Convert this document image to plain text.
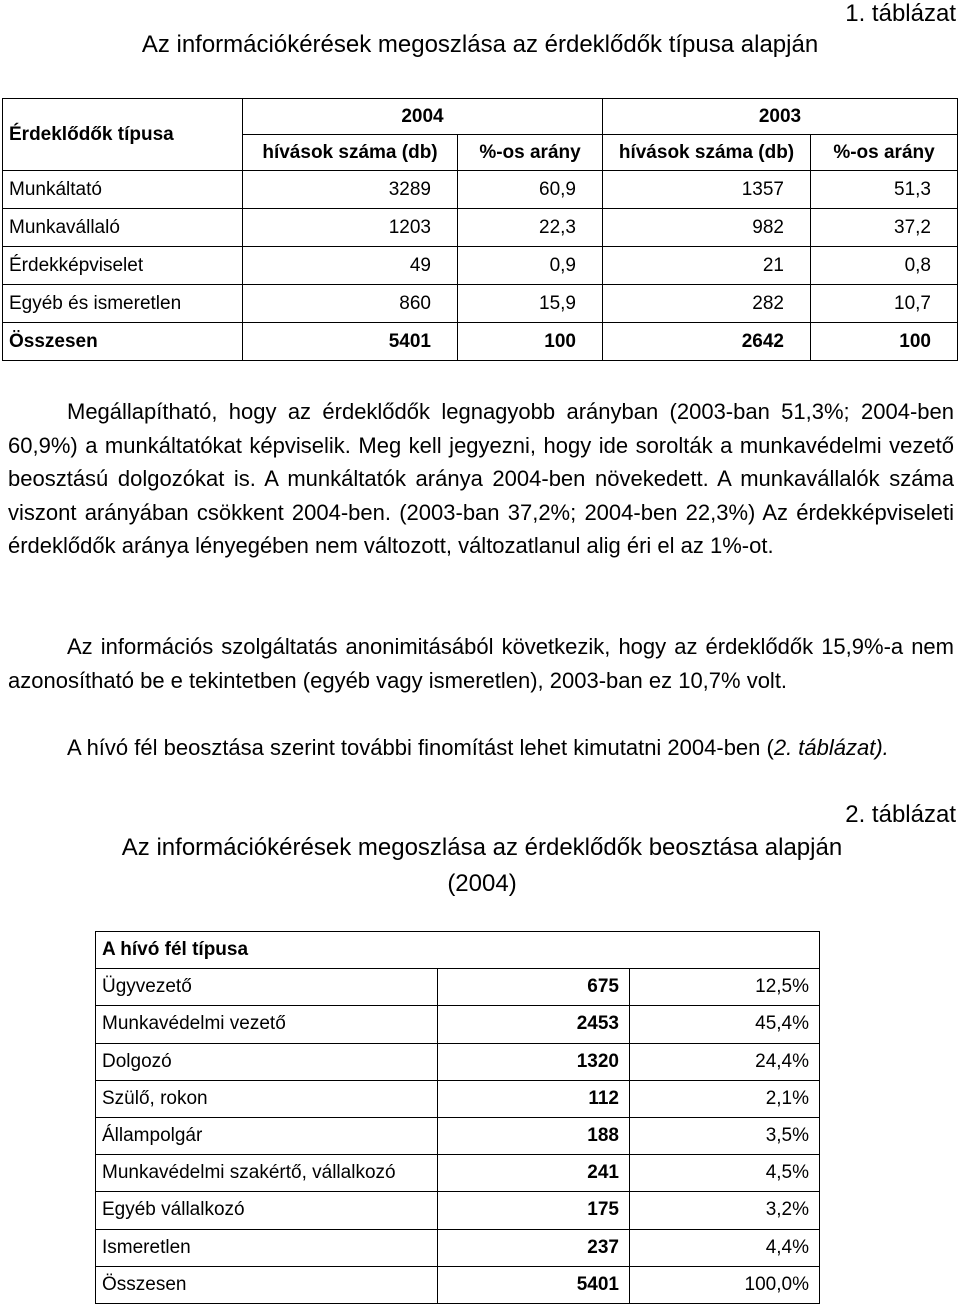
1. táblázat
Az információkérések megoszlása az érdeklődők típusa alapján
Érdeklődők típusa	2004		2003	
	hívások száma (db)	%-os arány	hívások száma (db)	%-os arány
Munkáltató	3289	60,9	1357	51,3
Munkavállaló	1203	22,3	982	37,2
Érdekképviselet	49	0,9	21	0,8
Egyéb és ismeretlen	860	15,9	282	10,7
Összesen	5401	100	2642	100
Megállapítható, hogy az érdeklődők legnagyobb arányban (2003-ban 51,3%; 2004-ben 60,9%) a munkáltatókat képviselik. Meg kell jegyezni, hogy ide sorolták a munkavédelmi vezető beosztású dolgozókat is. A munkáltatók aránya 2004-ben növekedett. A munkavállalók száma viszont arányában csökkent 2004-ben. (2003-ban 37,2%; 2004-ben 22,3%) Az érdekképviseleti érdeklődők aránya lényegében nem változott, változatlanul alig éri el az 1%-ot.
Az információs szolgáltatás anonimitásából következik, hogy az érdeklődők 15,9%-a nem azonosítható be e tekintetben (egyéb vagy ismeretlen), 2003-ban ez 10,7% volt.
A hívó fél beosztása szerint további finomítást lehet kimutatni 2004-ben (2. táblázat).
2. táblázat
Az információkérések megoszlása az érdeklődők beosztása alapján
(2004)
A hívó fél típusa		
Ügyvezető	675	12,5%
Munkavédelmi vezető	2453	45,4%
Dolgozó	1320	24,4%
Szülő, rokon	112	2,1%
Állampolgár	188	3,5%
Munkavédelmi szakértő, vállalkozó	241	4,5%
Egyéb vállalkozó	175	3,2%
Ismeretlen	237	4,4%
Összesen	5401	100,0%
